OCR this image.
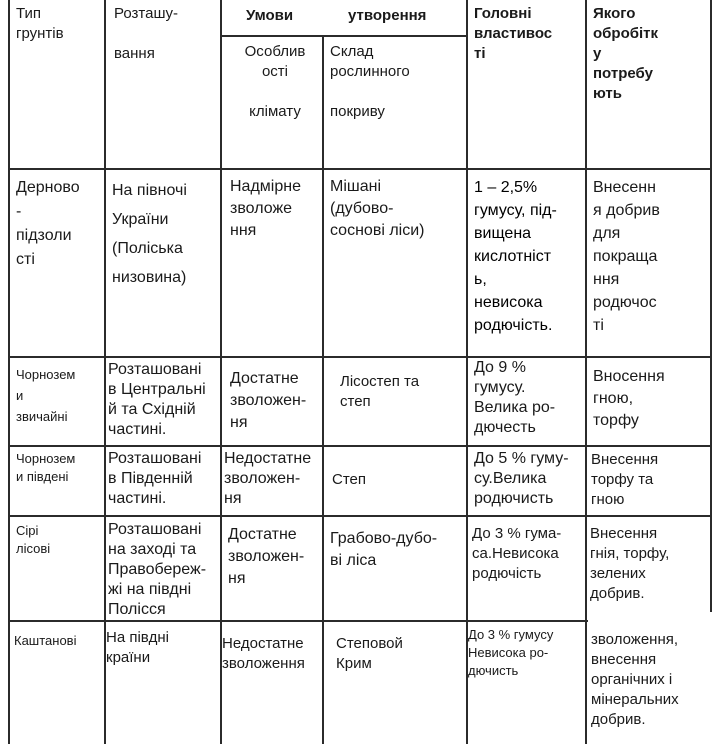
Тип
грунтів
Розташу-

вання
Умови	утворення
Особлив
ості

клімату
Склад
рослинного

покриву
Головні
властивос
ті
Якого
обробітк
у
потребу
ють
Дерново
-
підзоли
сті
На півночі
України
(Поліська
низовина)
Надмірне
зволоже
ння
Мішані
(дубово-
соснові ліси)
1 – 2,5%
гумусу, під-
вищена
кислотніст
ь,
невисока
родючість.
Внесенн
я добрив
для
покраща
ння
родючос
ті
Чорнозем
и
звичайні
Розташовані
в Центральні
й та Східній
частині.
Достатне
зволожен-
ня
Лісостеп та
степ
До 9 %
гумусу.
Велика ро-
дючесть
Вносення
гною,
торфу
Чорнозем
и південі
Розташовані
в Південній
частині.
Недостатне
зволожен-
ня
Степ
До 5 % гуму-
су.Велика
родючисть
Внесення
торфу та
гною
Сірі
лісові
Розташовані
на заході та
Правобереж-
жі на півдні
Полісся
Достатне
зволожен-
ня
Грабово-дубо-
ві ліса
До 3 % гума-
са.Невисока
родючість
Внесення
гнія, торфу,
зелених
добрив.
Каштанові	На півдні
країни
Недостатне
зволоження
Степовой
Крим
До 3 % гумусу
Невисока ро-
дючисть
зволоження,
внесення
органічних і
мінеральних
добрив.
